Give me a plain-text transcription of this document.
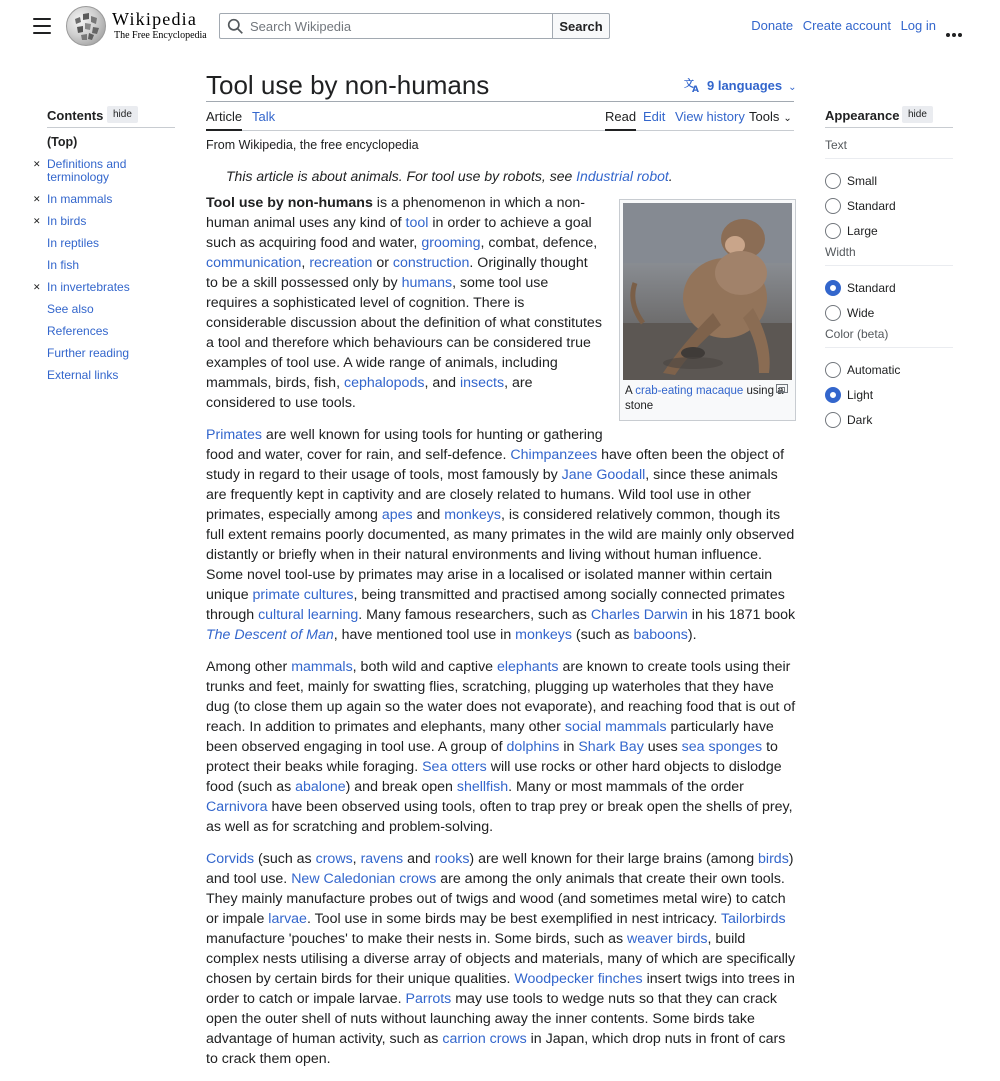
Wikipedia
The Free Encyclopedia
Search Wikipedia
Search	Donate Create account Log in
Contents hide
(Top)
✕ Definitions and terminology
✕ In mammals
✕ In birds
In reptiles
In fish
✕ In invertebrates
See also
References
Further reading
External links
Tool use by non-humans	文
A 9 languages ⌄
Article Talk	Read Edit View history Tools ⌄
From Wikipedia, the free encyclopedia
This article is about animals. For tool use by robots, see Industrial robot.
A crab-eating macaque using a stone

Tool use by non-humans is a phenomenon in which a non-human animal uses any kind of tool in order to achieve a goal such as acquiring food and water, grooming, combat, defence, communication, recreation or construction. Originally thought to be a skill possessed only by humans, some tool use requires a sophisticated level of cognition. There is considerable discussion about the definition of what constitutes a tool and therefore which behaviours can be considered true examples of tool use. A wide range of animals, including mammals, birds, fish, cephalopods, and insects, are considered to use tools.

Primates are well known for using tools for hunting or gathering food and water, cover for rain, and self-defence. Chimpanzees have often been the object of study in regard to their usage of tools, most famously by Jane Goodall, since these animals are frequently kept in captivity and are closely related to humans. Wild tool use in other primates, especially among apes and monkeys, is considered relatively common, though its full extent remains poorly documented, as many primates in the wild are mainly only observed distantly or briefly when in their natural environments and living without human influence. Some novel tool-use by primates may arise in a localised or isolated manner within certain unique primate cultures, being transmitted and practised among socially connected primates through cultural learning. Many famous researchers, such as Charles Darwin in his 1871 book The Descent of Man, have mentioned tool use in monkeys (such as baboons).

Among other mammals, both wild and captive elephants are known to create tools using their trunks and feet, mainly for swatting flies, scratching, plugging up waterholes that they have dug (to close them up again so the water does not evaporate), and reaching food that is out of reach. In addition to primates and elephants, many other social mammals particularly have been observed engaging in tool use. A group of dolphins in Shark Bay uses sea sponges to protect their beaks while foraging. Sea otters will use rocks or other hard objects to dislodge food (such as abalone) and break open shellfish. Many or most mammals of the order Carnivora have been observed using tools, often to trap prey or break open the shells of prey, as well as for scratching and problem-solving.

Corvids (such as crows, ravens and rooks) are well known for their large brains (among birds) and tool use. New Caledonian crows are among the only animals that create their own tools. They mainly manufacture probes out of twigs and wood (and sometimes metal wire) to catch or impale larvae. Tool use in some birds may be best exemplified in nest intricacy. Tailorbirds manufacture 'pouches' to make their nests in. Some birds, such as weaver birds, build complex nests utilising a diverse array of objects and materials, many of which are specifically chosen by certain birds for their unique qualities. Woodpecker finches insert twigs into trees in order to catch or impale larvae. Parrots may use tools to wedge nuts so that they can crack open the outer shell of nuts without launching away the inner contents. Some birds take advantage of human activity, such as carrion crows in Japan, which drop nuts in front of cars to crack them open.

Appearance hide
Text
Small
Standard
Large
Width
Standard
Wide
Color (beta)
Automatic
Light
Dark
